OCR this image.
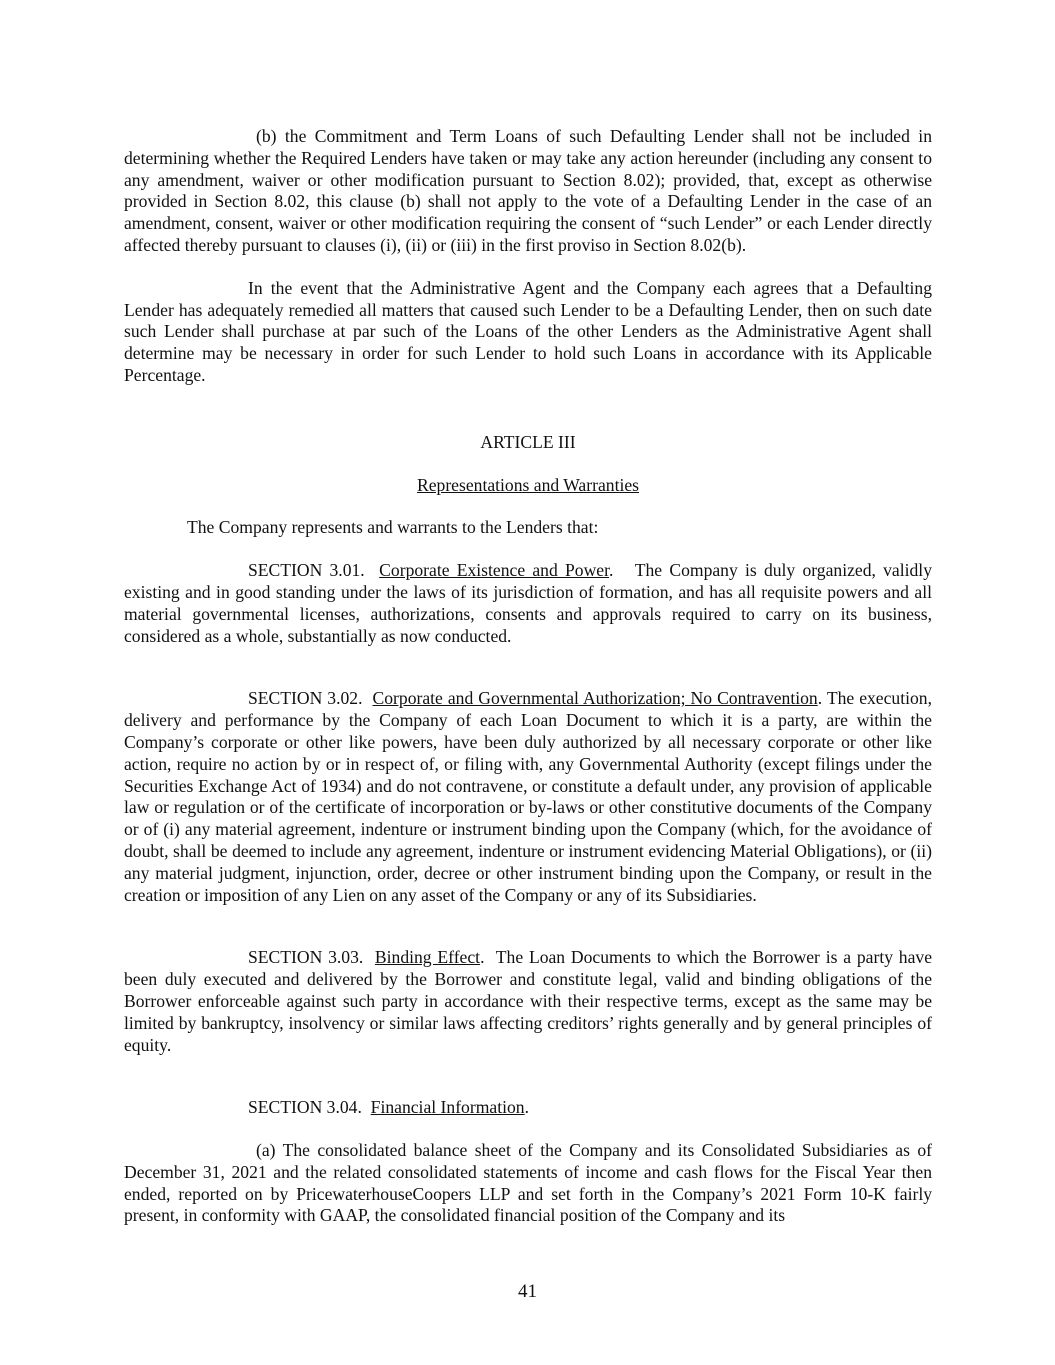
(b) the Commitment and Term Loans of such Defaulting Lender shall not be included in determining whether the Required Lenders have taken or may take any action hereunder (including any consent to any amendment, waiver or other modification pursuant to Section 8.02); provided, that, except as otherwise provided in Section 8.02, this clause (b) shall not apply to the vote of a Defaulting Lender in the case of an amendment, consent, waiver or other modification requiring the consent of “such Lender” or each Lender directly affected thereby pursuant to clauses (i), (ii) or (iii) in the first proviso in Section 8.02(b).

In the event that the Administrative Agent and the Company each agrees that a Defaulting Lender has adequately remedied all matters that caused such Lender to be a Defaulting Lender, then on such date such Lender shall purchase at par such of the Loans of the other Lenders as the Administrative Agent shall determine may be necessary in order for such Lender to hold such Loans in accordance with its Applicable Percentage.

ARTICLE III

Representations and Warranties

The Company represents and warrants to the Lenders that:

SECTION 3.01. Corporate Existence and Power. The Company is duly organized, validly existing and in good standing under the laws of its jurisdiction of formation, and has all requisite powers and all material governmental licenses, authorizations, consents and approvals required to carry on its business, considered as a whole, substantially as now conducted.

SECTION 3.02. Corporate and Governmental Authorization; No Contravention. The execution, delivery and performance by the Company of each Loan Document to which it is a party, are within the Company’s corporate or other like powers, have been duly authorized by all necessary corporate or other like action, require no action by or in respect of, or filing with, any Governmental Authority (except filings under the Securities Exchange Act of 1934) and do not contravene, or constitute a default under, any provision of applicable law or regulation or of the certificate of incorporation or by-laws or other constitutive documents of the Company or of (i) any material agreement, indenture or instrument binding upon the Company (which, for the avoidance of doubt, shall be deemed to include any agreement, indenture or instrument evidencing Material Obligations), or (ii) any material judgment, injunction, order, decree or other instrument binding upon the Company, or result in the creation or imposition of any Lien on any asset of the Company or any of its Subsidiaries.

SECTION 3.03. Binding Effect. The Loan Documents to which the Borrower is a party have been duly executed and delivered by the Borrower and constitute legal, valid and binding obligations of the Borrower enforceable against such party in accordance with their respective terms, except as the same may be limited by bankruptcy, insolvency or similar laws affecting creditors’ rights generally and by general principles of equity.

SECTION 3.04. Financial Information.

(a) The consolidated balance sheet of the Company and its Consolidated Subsidiaries as of December 31, 2021 and the related consolidated statements of income and cash flows for the Fiscal Year then ended, reported on by PricewaterhouseCoopers LLP and set forth in the Company’s 2021 Form 10-K fairly present, in conformity with GAAP, the consolidated financial position of the Company and its

41
